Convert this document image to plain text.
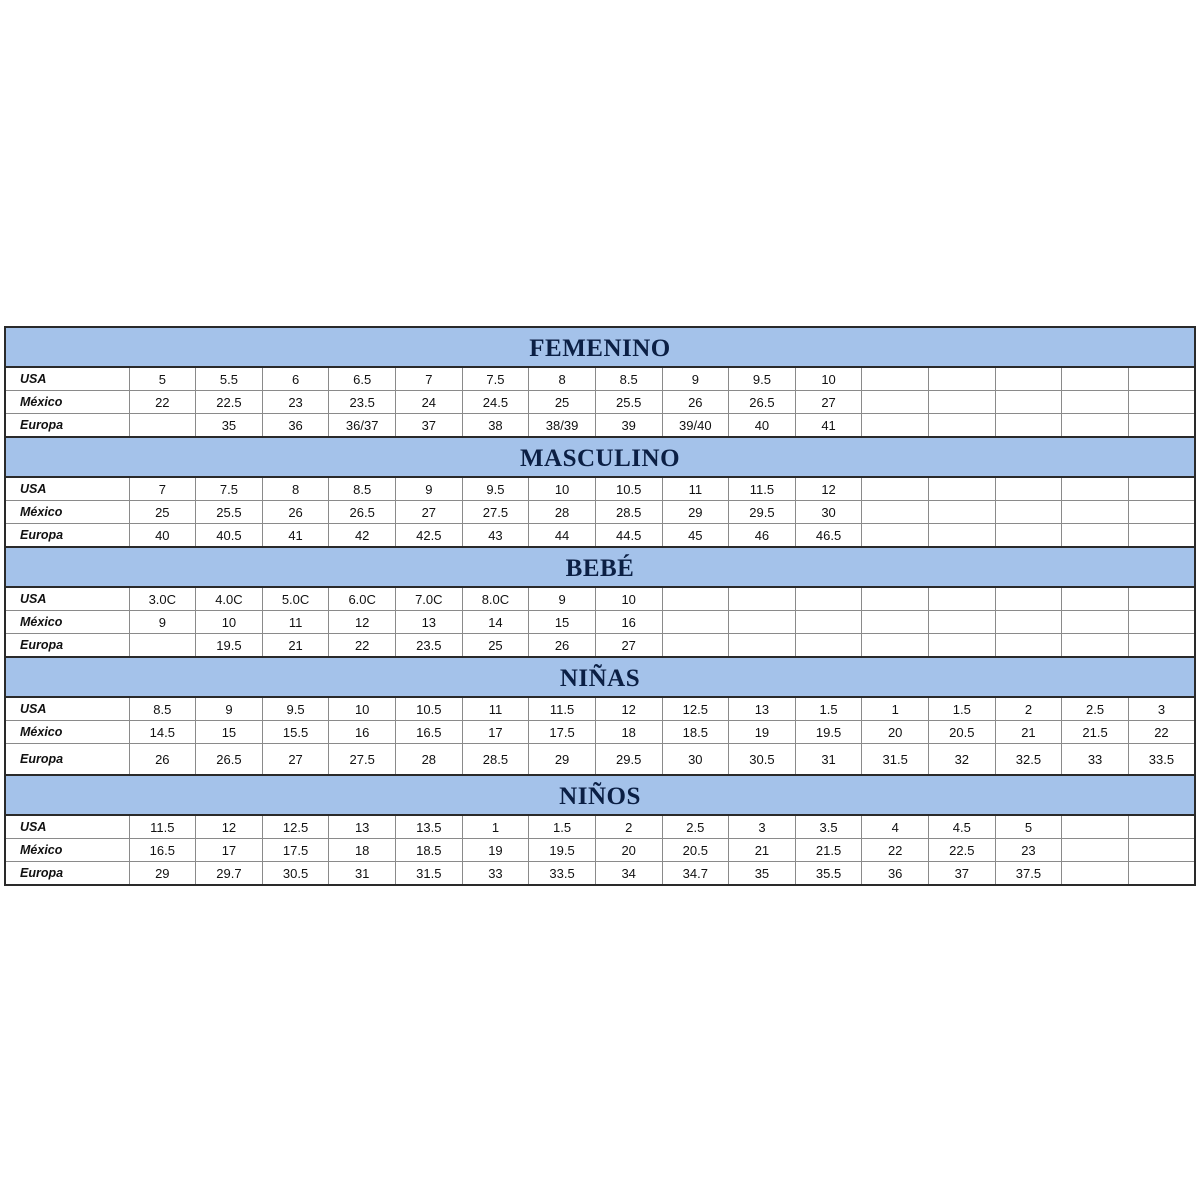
FEMENINO																
USA	5	5.5	6	6.5	7	7.5	8	8.5	9	9.5	10					
México	22	22.5	23	23.5	24	24.5	25	25.5	26	26.5	27					
Europa		35	36	36/37	37	38	38/39	39	39/40	40	41					
MASCULINO																
USA	7	7.5	8	8.5	9	9.5	10	10.5	11	11.5	12					
México	25	25.5	26	26.5	27	27.5	28	28.5	29	29.5	30					
Europa	40	40.5	41	42	42.5	43	44	44.5	45	46	46.5					
BEBÉ																
USA	3.0C	4.0C	5.0C	6.0C	7.0C	8.0C	9	10								
México	9	10	11	12	13	14	15	16								
Europa		19.5	21	22	23.5	25	26	27								
NIÑAS																
USA	8.5	9	9.5	10	10.5	11	11.5	12	12.5	13	1.5	1	1.5	2	2.5	3
México	14.5	15	15.5	16	16.5	17	17.5	18	18.5	19	19.5	20	20.5	21	21.5	22
Europa	26	26.5	27	27.5	28	28.5	29	29.5	30	30.5	31	31.5	32	32.5	33	33.5
NIÑOS																
USA	11.5	12	12.5	13	13.5	1	1.5	2	2.5	3	3.5	4	4.5	5		
México	16.5	17	17.5	18	18.5	19	19.5	20	20.5	21	21.5	22	22.5	23		
Europa	29	29.7	30.5	31	31.5	33	33.5	34	34.7	35	35.5	36	37	37.5		
